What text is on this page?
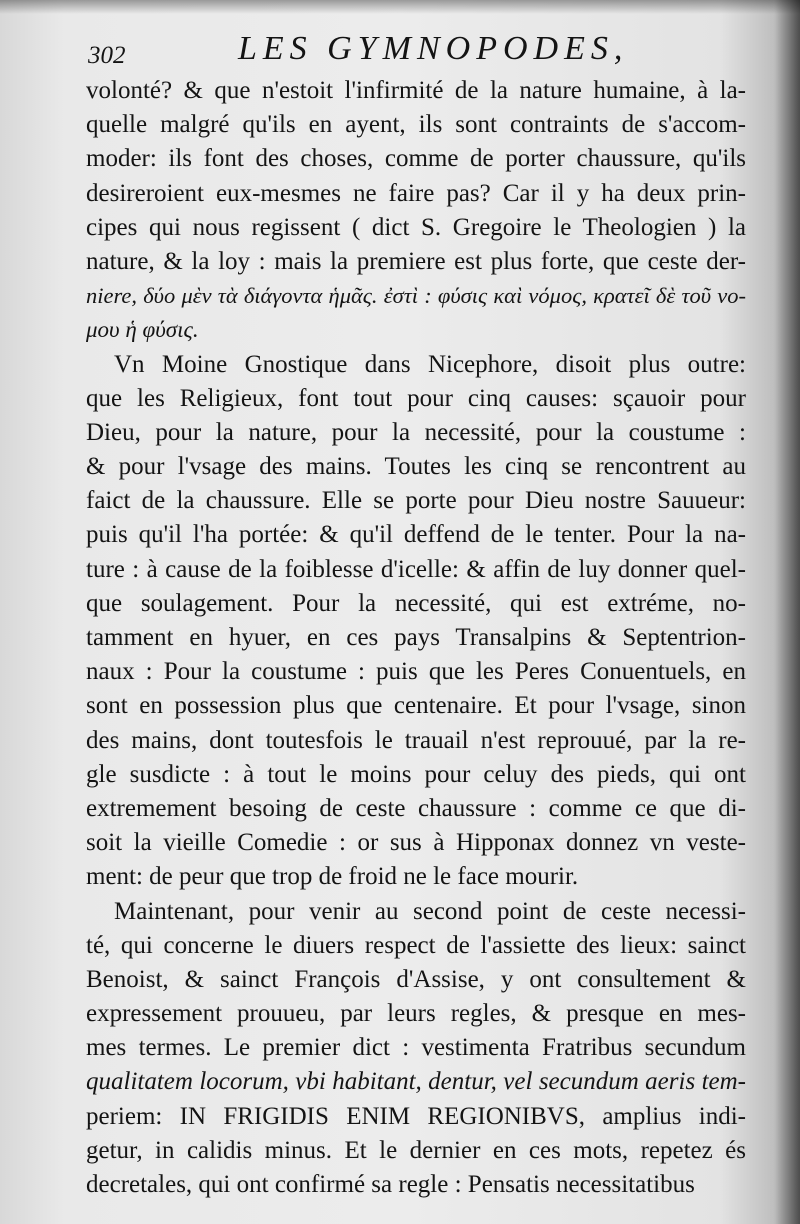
302	LES GYMNOPODES,
volonté? & que n'estoit l'infirmité de la nature humaine, à la-
quelle malgré qu'ils en ayent, ils sont contraints de s'accom-
moder: ils font des choses, comme de porter chaussure, qu'ils
desireroient eux-mesmes ne faire pas? Car il y ha deux prin-
cipes qui nous regissent ( dict S. Gregoire le Theologien ) la
nature, & la loy : mais la premiere est plus forte, que ceste der-
niere, δύο μὲν τὰ διάγοντα ἡμᾶς. ἐστὶ : φύσις καὶ νόμος, κρατεῖ δὲ τοῦ νο-
μου ἡ φύσις.
Vn Moine Gnostique dans Nicephore, disoit plus outre:
que les Religieux, font tout pour cinq causes: sçauoir pour
Dieu, pour la nature, pour la necessité, pour la coustume :
& pour l'vsage des mains. Toutes les cinq se rencontrent au
faict de la chaussure. Elle se porte pour Dieu nostre Sauueur:
puis qu'il l'ha portée: & qu'il deffend de le tenter. Pour la na-
ture : à cause de la foiblesse d'icelle: & affin de luy donner quel-
que soulagement. Pour la necessité, qui est extréme, no-
tamment en hyuer, en ces pays Transalpins & Septentrion-
naux : Pour la coustume : puis que les Peres Conuentuels, en
sont en possession plus que centenaire. Et pour l'vsage, sinon
des mains, dont toutesfois le trauail n'est reprouué, par la re-
gle susdicte : à tout le moins pour celuy des pieds, qui ont
extremement besoing de ceste chaussure : comme ce que di-
soit la vieille Comedie : or sus à Hipponax donnez vn veste-
ment: de peur que trop de froid ne le face mourir.
Maintenant, pour venir au second point de ceste necessi-
té, qui concerne le diuers respect de l'assiette des lieux: sainct
Benoist, & sainct François d'Assise, y ont consultement &
expressement prouueu, par leurs regles, & presque en mes-
mes termes. Le premier dict : vestimenta Fratribus secundum
qualitatem locorum, vbi habitant, dentur, vel secundum aeris tem-
periem: IN FRIGIDIS ENIM REGIONIBVS, amplius indi-
getur, in calidis minus. Et le dernier en ces mots, repetez és
decretales, qui ont confirmé sa regle : Pensatis necessitatibus
